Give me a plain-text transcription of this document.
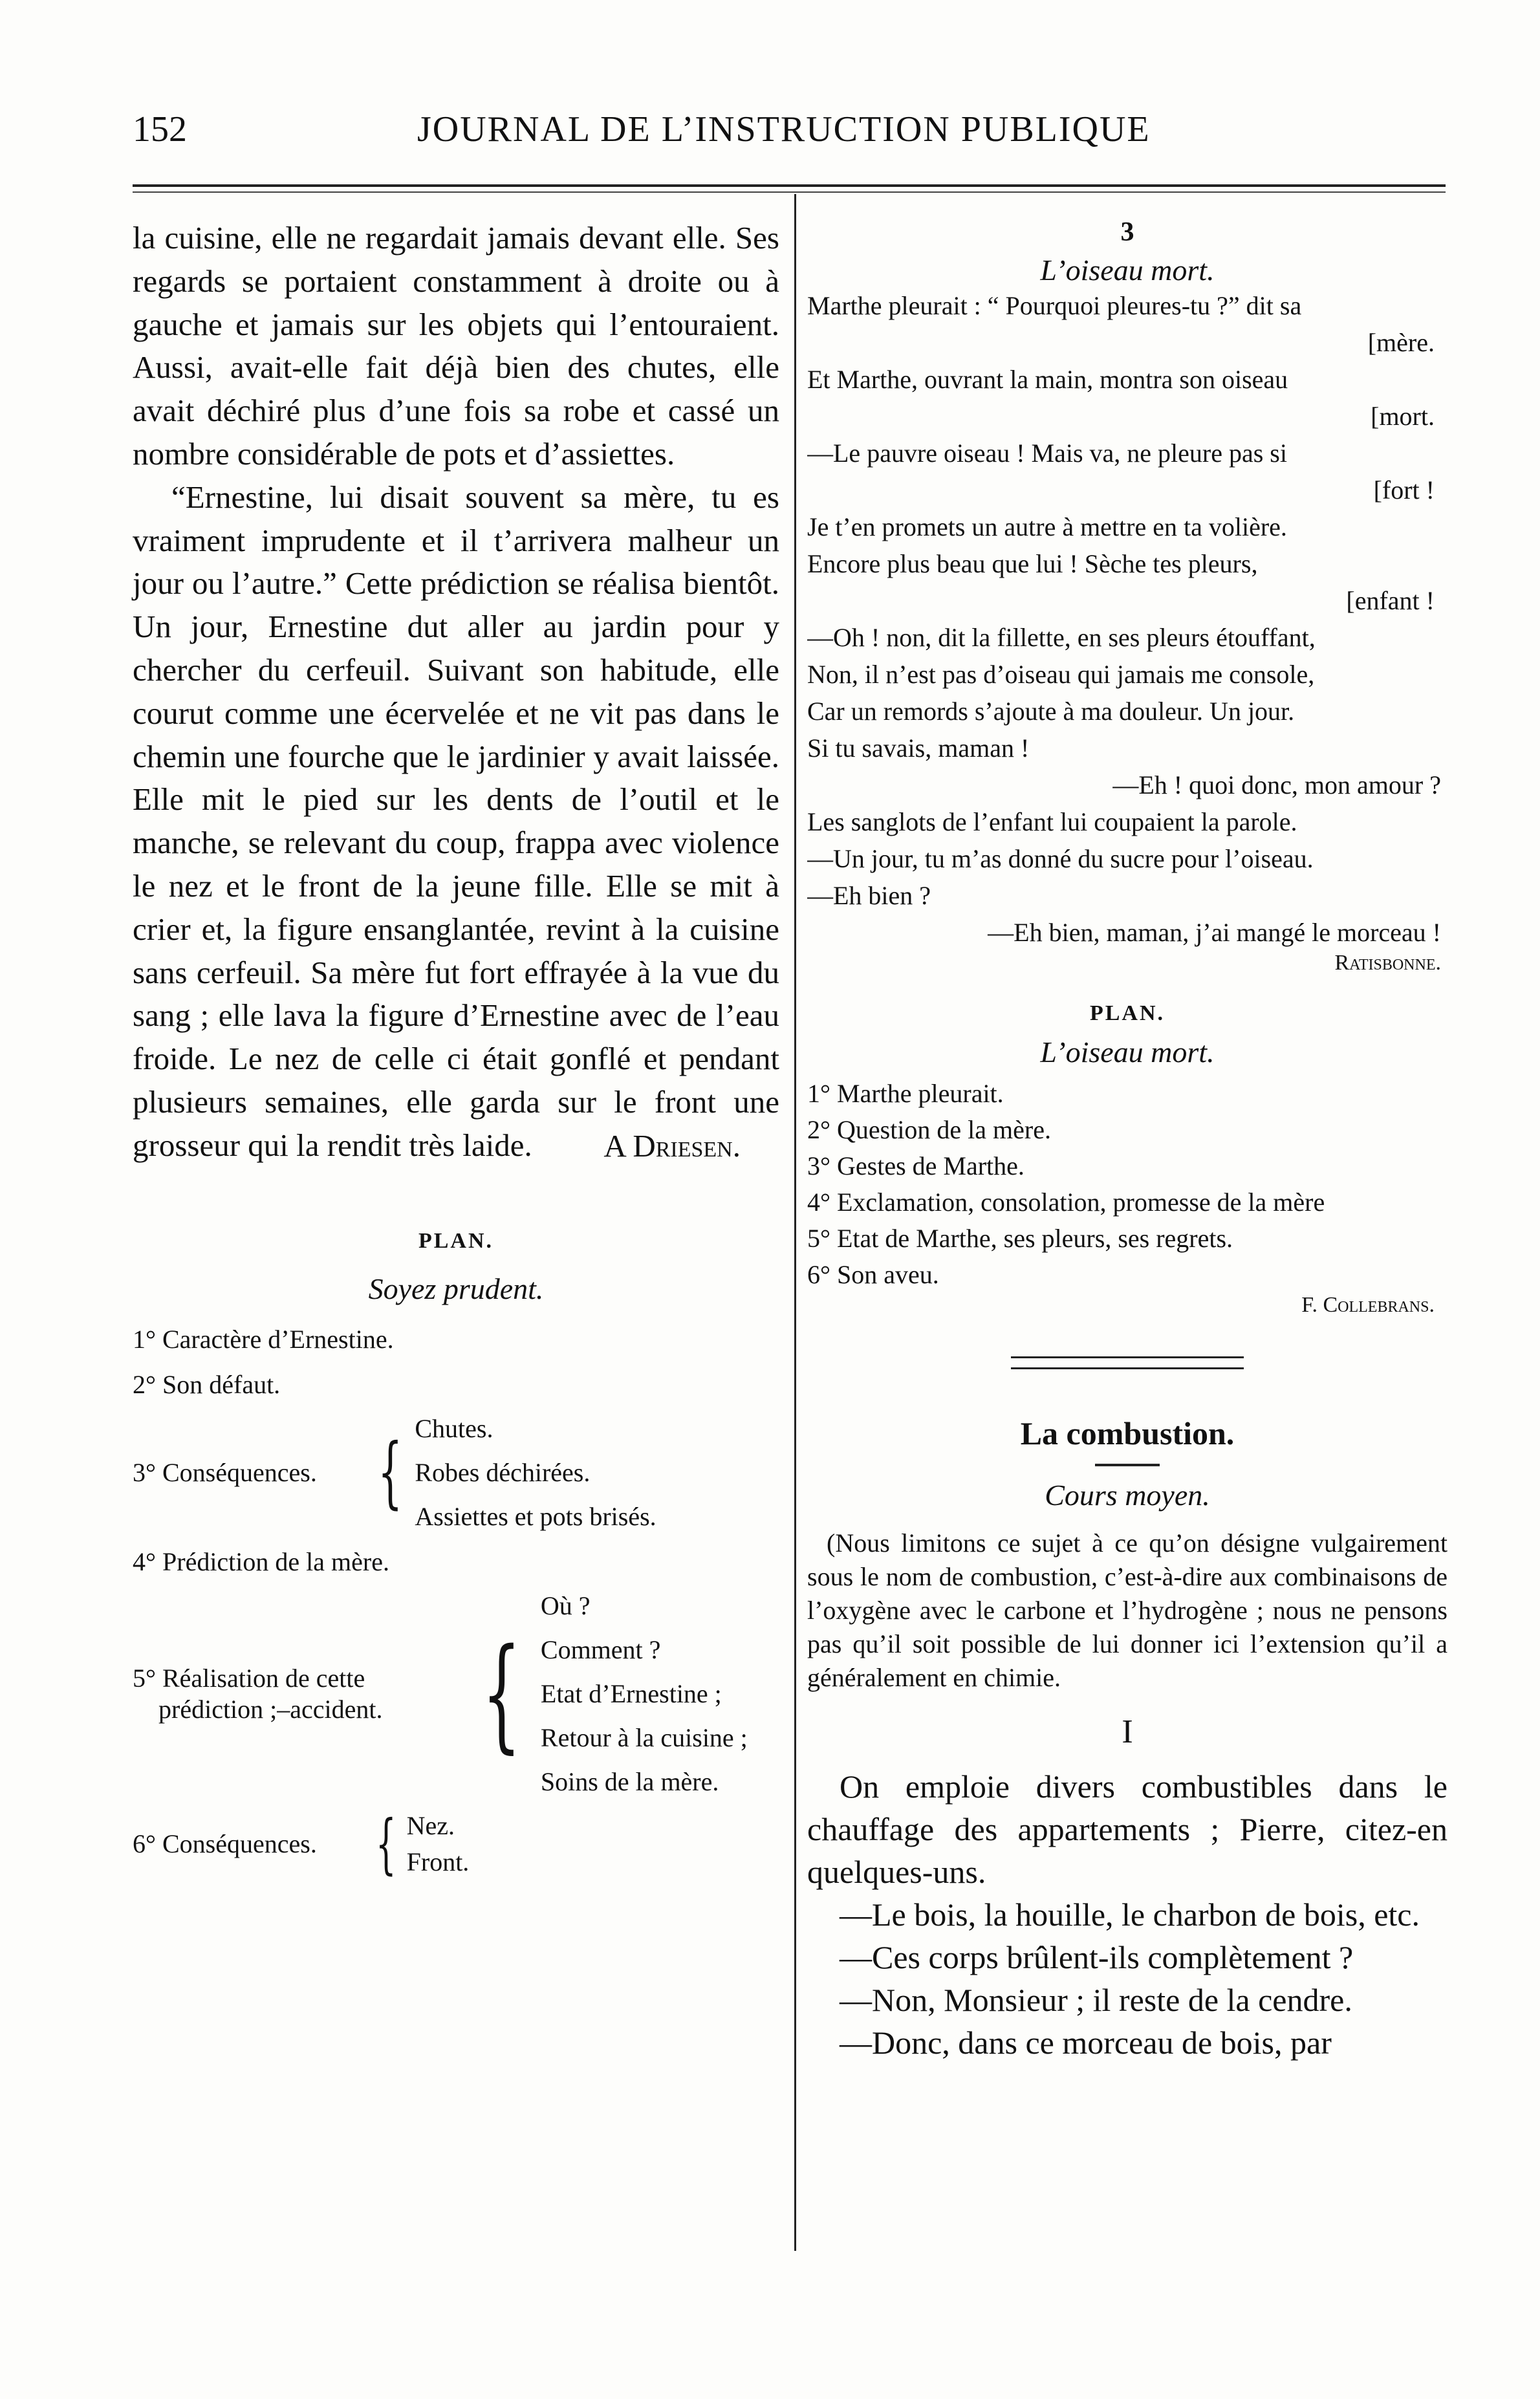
152	JOURNAL DE L’INSTRUCTION PUBLIQUE

la cuisine, elle ne regardait jamais devant elle. Ses regards se portaient constamment à droite ou à gauche et jamais sur les objets qui l’entouraient. Aussi, avait-elle fait déjà bien des chutes, elle avait déchiré plus d’une fois sa robe et cassé un nombre considérable de pots et d’assiettes.

“Ernestine, lui disait souvent sa mère, tu es vraiment imprudente et il t’arrivera malheur un jour ou l’autre.” Cette prédiction se réalisa bientôt. Un jour, Ernestine dut aller au jardin pour y chercher du cerfeuil. Suivant son habitude, elle courut comme une écervelée et ne vit pas dans le chemin une fourche que le jardinier y avait laissée. Elle mit le pied sur les dents de l’outil et le manche, se relevant du coup, frappa avec violence le nez et le front de la jeune fille. Elle se mit à crier et, la figure ensanglantée, revint à la cuisine sans cerfeuil. Sa mère fut fort effrayée à la vue du sang ; elle lava la figure d’Ernestine avec de l’eau froide. Le nez de celle ci était gonflé et pendant plusieurs semaines, elle garda sur le front une grosseur qui la rendit très laide.	A Driesen.
PLAN.
Soyez prudent.
1° Caractère d’Ernestine.
2° Son défaut.
3° Conséquences. { Chutes.
Robes déchirées.
Assiettes et pots brisés.
4° Prédiction de la mère.
5° Réalisation de cette
prédiction ;–accident. {
Où ?
Comment ?
Etat d’Ernestine ;
Retour à la cuisine ;
Soins de la mère.
6° Conséquences. { Nez.
Front.
3
L’oiseau mort.
Marthe pleurait : “ Pourquoi pleures-tu ?” dit sa
[mère.
Et Marthe, ouvrant la main, montra son oiseau
[mort.
—Le pauvre oiseau ! Mais va, ne pleure pas si
[fort !
Je t’en promets un autre à mettre en ta volière.
Encore plus beau que lui ! Sèche tes pleurs,
[enfant !
—Oh ! non, dit la fillette, en ses pleurs étouffant,
Non, il n’est pas d’oiseau qui jamais me console,
Car un remords s’ajoute à ma douleur. Un jour.
Si tu savais, maman !
—Eh ! quoi donc, mon amour ?
Les sanglots de l’enfant lui coupaient la parole.
—Un jour, tu m’as donné du sucre pour l’oiseau.
—Eh bien ?
—Eh bien, maman, j’ai mangé le morceau !
Ratisbonne.
PLAN.
L’oiseau mort.
1° Marthe pleurait.
2° Question de la mère.
3° Gestes de Marthe.
4° Exclamation, consolation, promesse de la mère
5° Etat de Marthe, ses pleurs, ses regrets.
6° Son aveu.
F. Collebrans.
La combustion.
Cours moyen.

(Nous limitons ce sujet à ce qu’on désigne vulgairement sous le nom de combustion, c’est-à-dire aux combinaisons de l’oxygène avec le carbone et l’hydrogène ; nous ne pensons pas qu’il soit possible de lui donner ici l’extension qu’il a généralement en chimie.

I

On emploie divers combustibles dans le chauffage des appartements ; Pierre, citez-en quelques-uns.

—Le bois, la houille, le charbon de bois, etc.

—Ces corps brûlent-ils complètement ?

—Non, Monsieur ; il reste de la cendre.

—Donc, dans ce morceau de bois, par
